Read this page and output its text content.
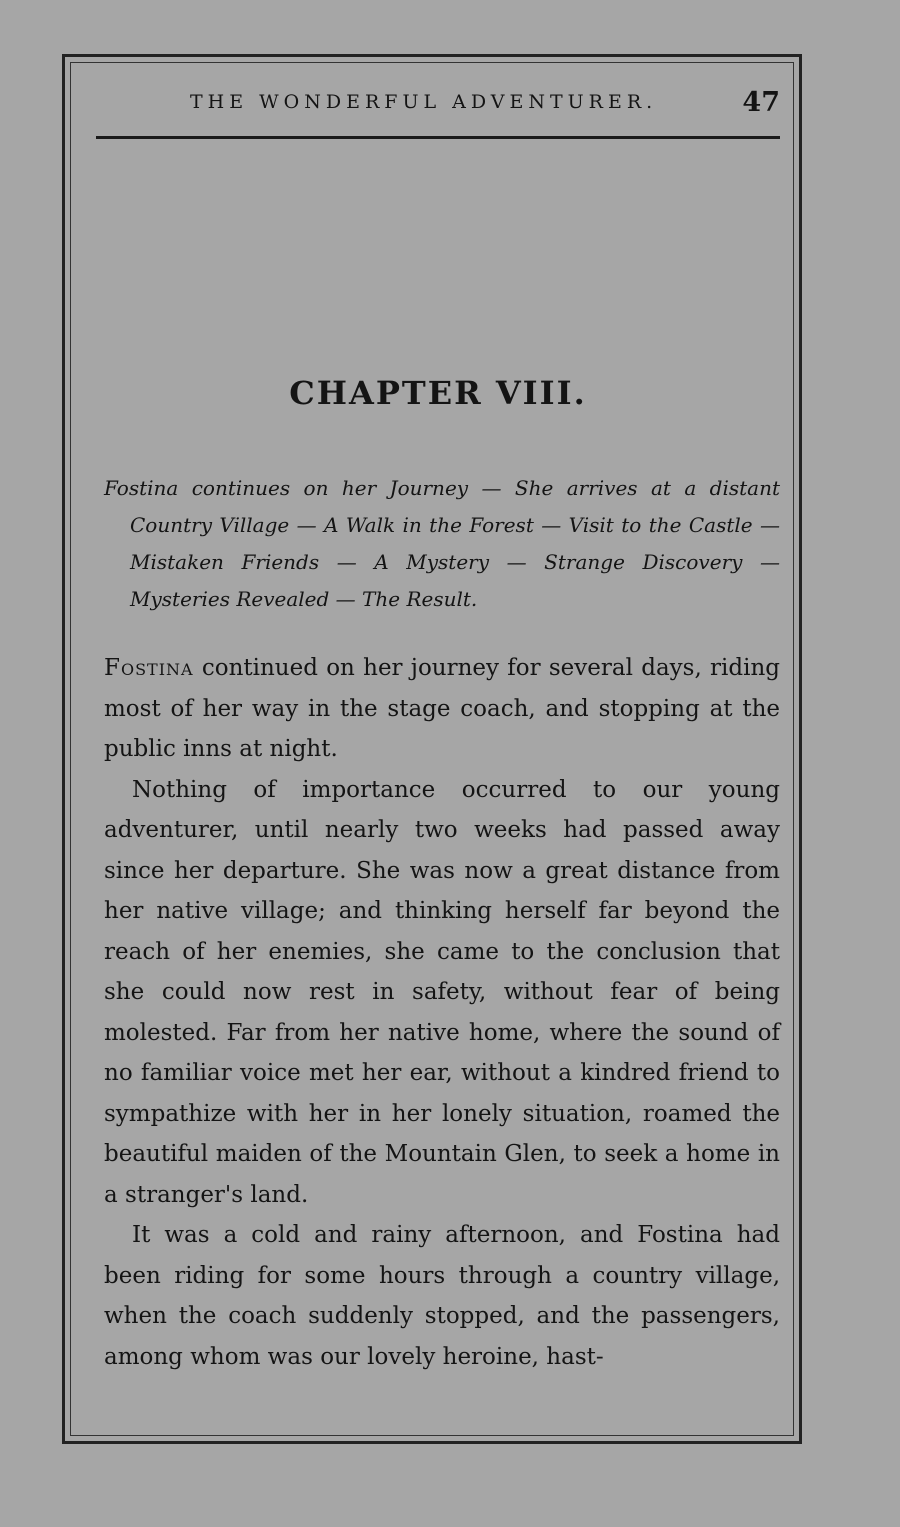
THE WONDERFUL ADVENTURER.	47
CHAPTER VIII.
Fostina continues on her Journey — She arrives at a distant Country Village — A Walk in the Forest — Visit to the Castle — Mistaken Friends — A Mystery — Strange Discovery — Mysteries Revealed — The Result.

Fostina continued on her journey for several days, riding most of her way in the stage coach, and stopping at the public inns at night.

Nothing of importance occurred to our young adventurer, until nearly two weeks had passed away since her departure. She was now a great distance from her native village; and thinking herself far beyond the reach of her enemies, she came to the conclusion that she could now rest in safety, without fear of being molested. Far from her native home, where the sound of no familiar voice met her ear, without a kindred friend to sympathize with her in her lonely situation, roamed the beautiful maiden of the Mountain Glen, to seek a home in a stranger's land.

It was a cold and rainy afternoon, and Fostina had been riding for some hours through a country village, when the coach suddenly stopped, and the passengers, among whom was our lovely heroine, hast-
